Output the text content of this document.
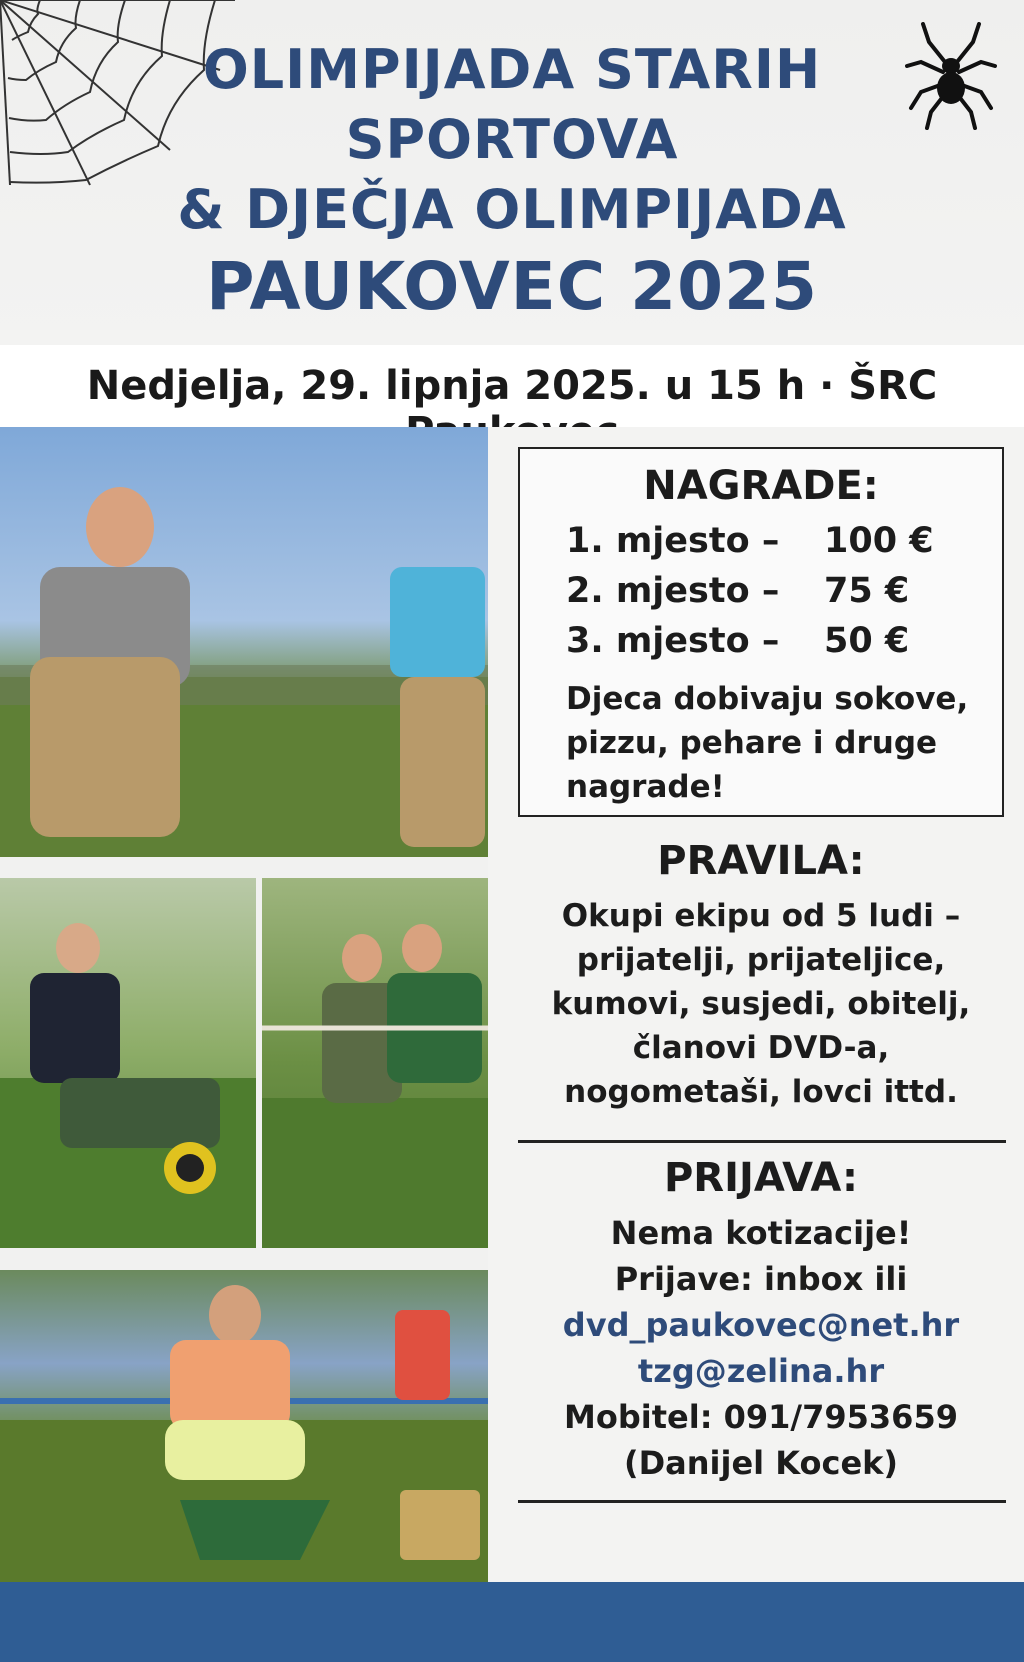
OLIMPIJADA STARIH
SPORTOVA
& DJEČJA OLIMPIJADA
PAUKOVEC 2025
Nedjelja, 29. lipnja 2025. u 15 h · ŠRC
NAGRADE:
1. mjesto – 100 €
2. mjesto – 75 €
3. mjesto – 50 €
Djeca dobivaju sokove, pizzu, pehare i druge nagrade!
PRAVILA:
Okupi ekipu od 5 ludi –
prijatelji, prijateljice,
kumovi, susjedi, obitelj,
članovi DVD-a,
nogometaši, lovci ittd.
PRIJAVA:
Nema kotizacije!
Prijave: inbox ili
dvd_paukovec@net.hr
tzg@zelina.hr
Mobitel: 091/7953659
(Danijel Kocek)
